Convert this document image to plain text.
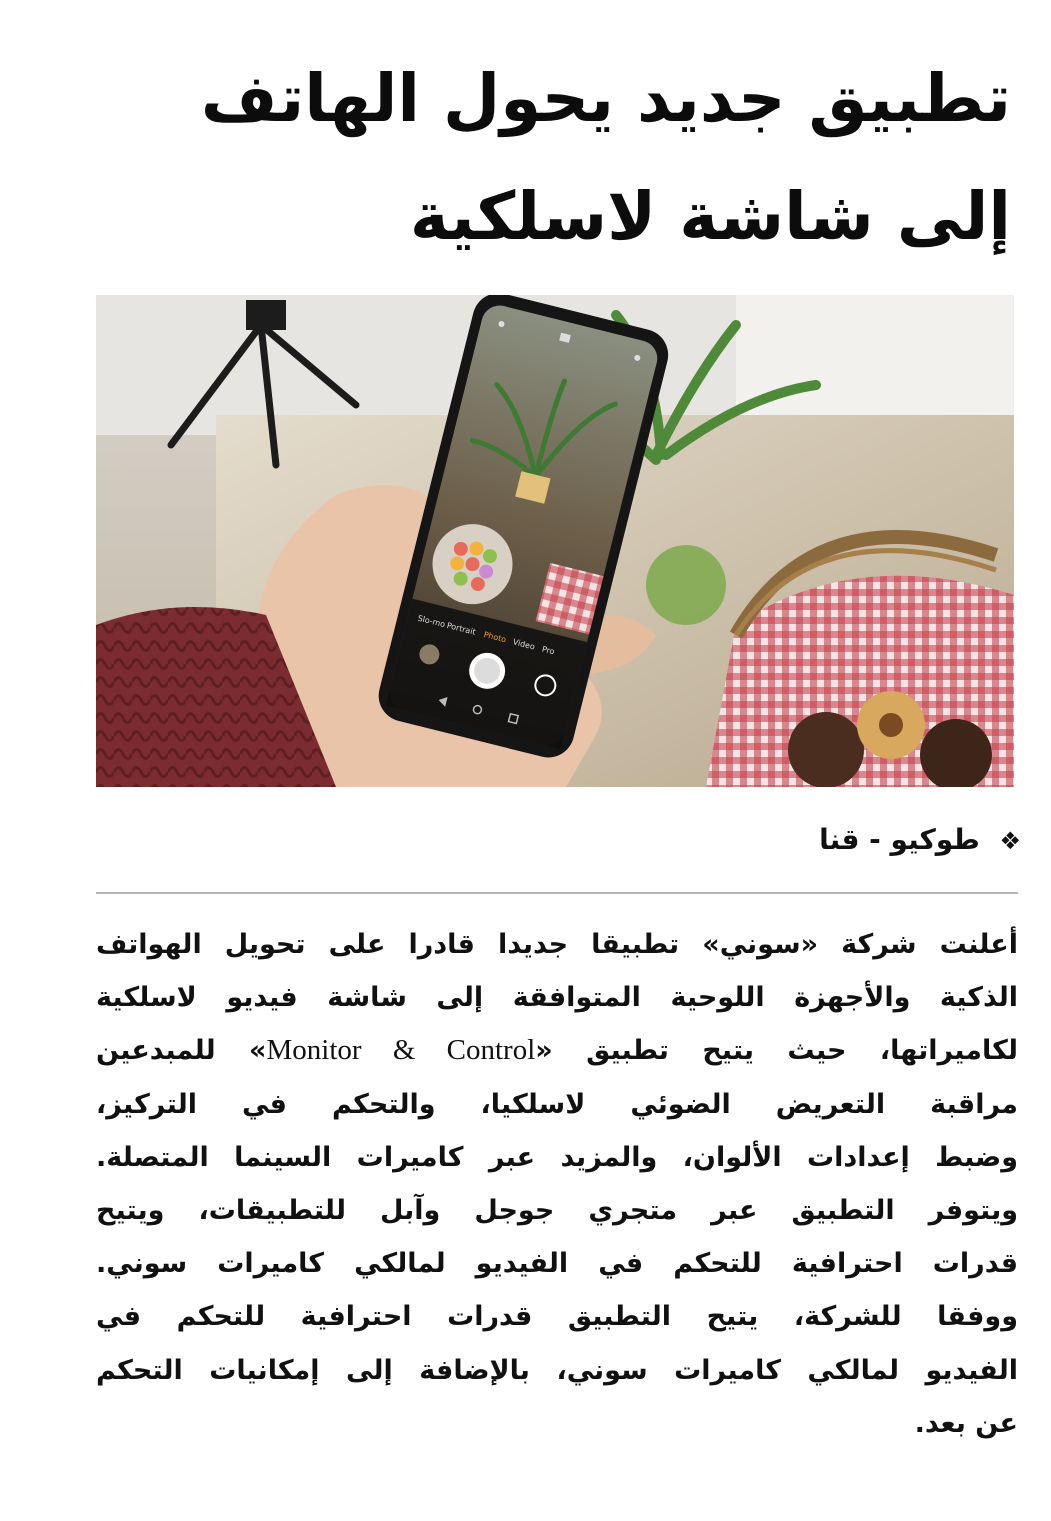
تطبيق جديد يحول الهاتف
إلى شاشة لاسلكية
Slo-mo Portrait
Photo
Video Pro
❖ طوكيو - قنا
أعلنت شركة «سوني» تطبيقا جديدا قادرا على تحويل الهواتف
الذكية والأجهزة اللوحية المتوافقة إلى شاشة فيديو لاسلكية
لكاميراتها، حيث يتيح تطبيق «Monitor & Control» للمبدعين
مراقبة التعريض الضوئي لاسلكيا، والتحكم في التركيز،
وضبط إعدادات الألوان، والمزيد عبر كاميرات السينما المتصلة.
ويتوفر التطبيق عبر متجري جوجل وآبل للتطبيقات، ويتيح
قدرات احترافية للتحكم في الفيديو لمالكي كاميرات سوني.
ووفقا للشركة، يتيح التطبيق قدرات احترافية للتحكم في
الفيديو لمالكي كاميرات سوني، بالإضافة إلى إمكانيات التحكم
عن بعد.
